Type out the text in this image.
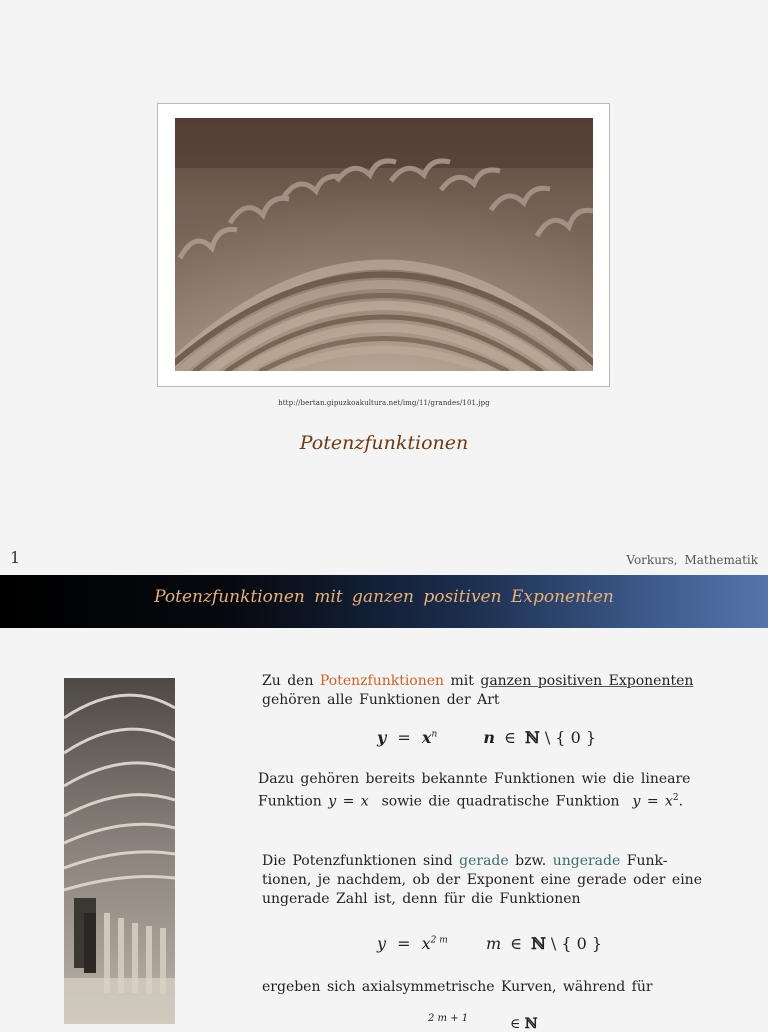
http://bertan.gipuzkoakultura.net/img/11/grandes/101.jpg
Potenzfunktionen
1	Vorkurs, Mathematik
Potenzfunktionen mit ganzen positiven Exponenten
Zu den Potenzfunktionen mit ganzen positiven Exponenten
gehören alle Funktionen der Art
$y = x^n$	n ∈ ℕ \ { 0 }
Dazu gehören bereits bekannte Funktionen wie die lineare
Funktion y = x sowie die quadratische Funktion $y = x^2$.
Die Potenzfunktionen sind gerade bzw. ungerade Funk-
tionen, je nachdem, ob der Exponent eine gerade oder eine
ungerade Zahl ist, denn für die Funktionen
$y = x^{2 m}$ m ∈ ℕ \ { 0 }
ergeben sich axialsymmetrische Kurven, während für
2 m + 1	∈ ℕ
